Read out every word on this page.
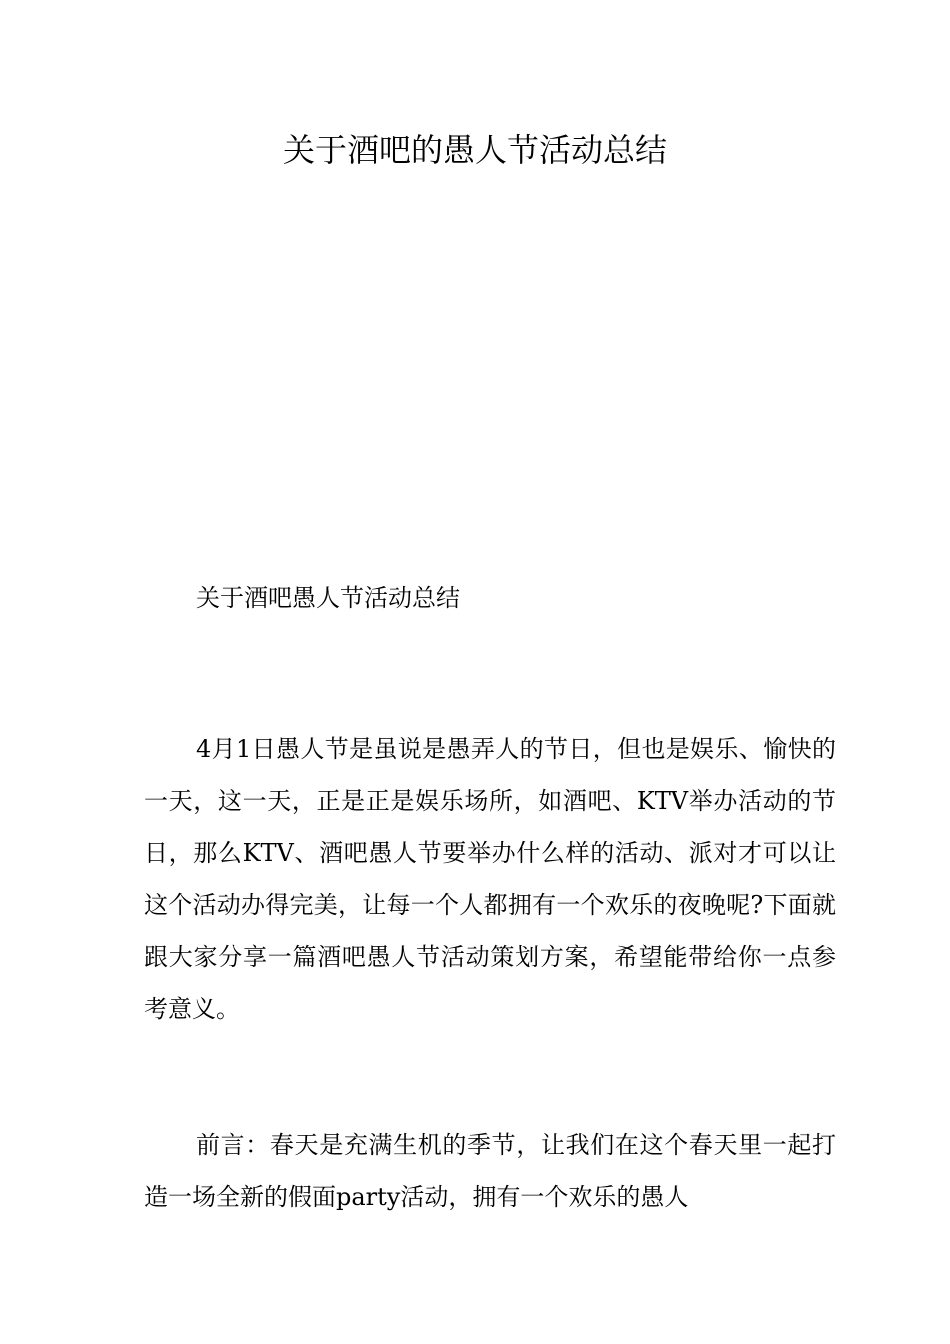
关于酒吧的愚人节活动总结

关于酒吧愚人节活动总结

4月1日愚人节是虽说是愚弄人的节日，但也是娱乐、愉快的一天，这一天，正是正是娱乐场所，如酒吧、KTV举办活动的节日，那么KTV、酒吧愚人节要举办什么样的活动、派对才可以让这个活动办得完美，让每一个人都拥有一个欢乐的夜晚呢?下面就跟大家分享一篇酒吧愚人节活动策划方案，希望能带给你一点参考意义。

前言：春天是充满生机的季节，让我们在这个春天里一起打造一场全新的假面party活动，拥有一个欢乐的愚人
